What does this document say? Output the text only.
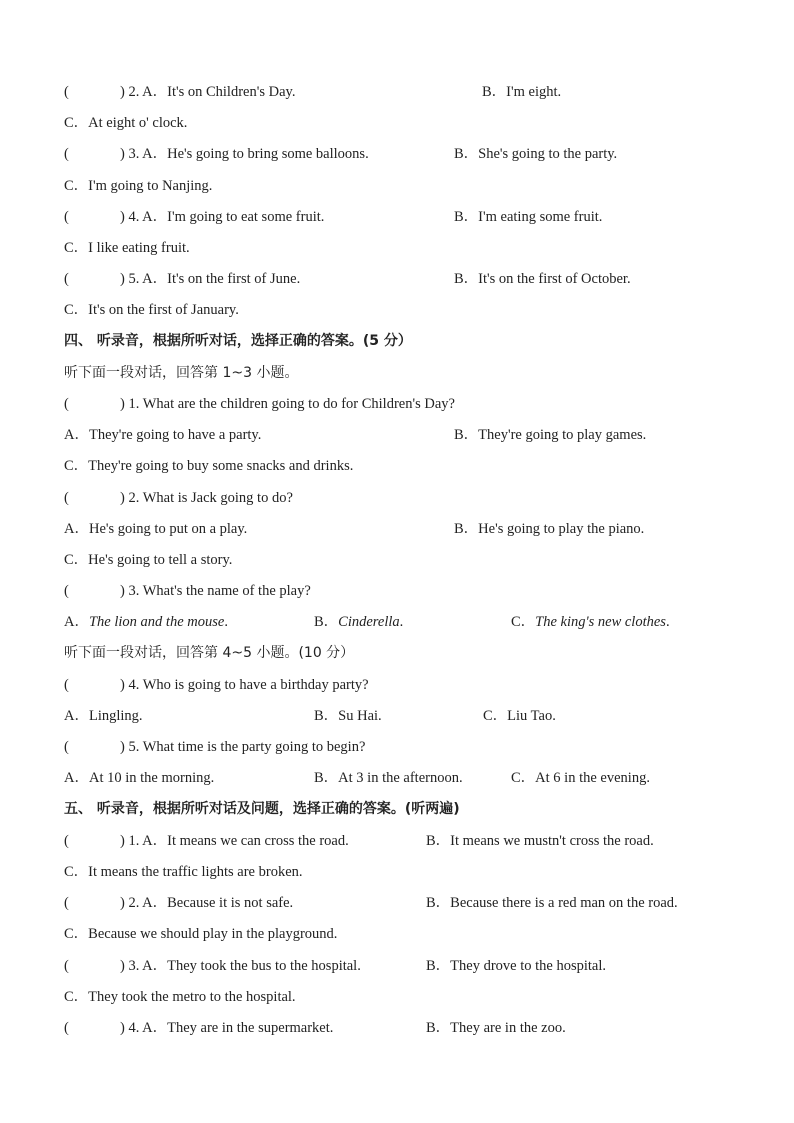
(	) 2. A．It's on Children's Day.	B．I'm eight.
C．At eight o' clock.
(	) 3. A．He's going to bring some balloons.	B．She's going to the party.
C．I'm going to Nanjing.
(	) 4. A．I'm going to eat some fruit.	B．I'm eating some fruit.
C．I like eating fruit.
(	) 5. A．It's on the first of June.	B．It's on the first of October.
C．It's on the first of January.
四、 听录音，根据所听对话，选择正确的答案。(5 分）
听下面一段对话，回答第 1~3 小题。
(	) 1. What are the children going to do for Children's Day?
A．They're going to have a party.	B．They're going to play games.
C．They're going to buy some snacks and drinks.
(	) 2. What is Jack going to do?
A．He's going to put on a play.	B．He's going to play the piano.
C．He's going to tell a story.
(	) 3. What's the name of the play?
A．The lion and the mouse.	B．Cinderella.	C．The king's new clothes.
听下面一段对话，回答第 4~5 小题。(10 分）
(	) 4. Who is going to have a birthday party?
A．Lingling.	B．Su Hai.	C．Liu Tao.
(	) 5. What time is the party going to begin?
A．At 10 in the morning.	B．At 3 in the afternoon.	C．At 6 in the evening.
五、 听录音，根据所听对话及问题，选择正确的答案。(听两遍)
(	) 1. A．It means we can cross the road.	B．It means we mustn't cross the road.
C．It means the traffic lights are broken.
(	) 2. A．Because it is not safe.	B．Because there is a red man on the road.
C．Because we should play in the playground.
(	) 3. A．They took the bus to the hospital.	B．They drove to the hospital.
C．They took the metro to the hospital.
(	) 4. A．They are in the supermarket.	B．They are in the zoo.
